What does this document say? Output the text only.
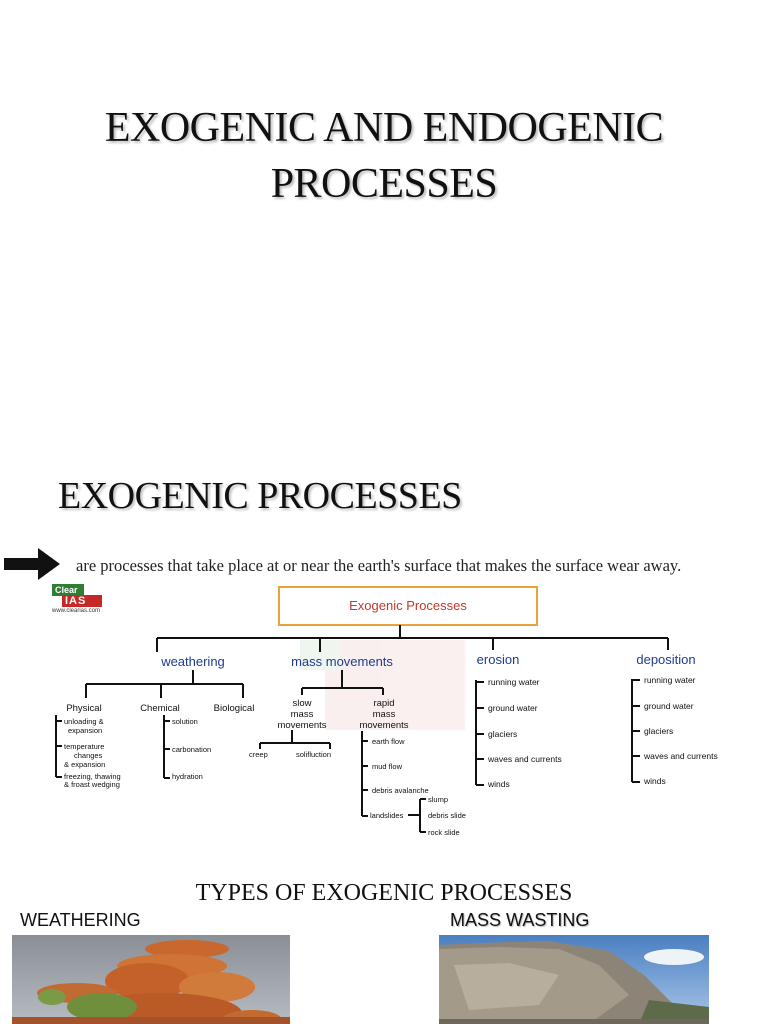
EXOGENIC AND ENDOGENIC
PROCESSES
EXOGENIC PROCESSES
are processes that take place at or near the earth's surface that makes the surface wear away.
Clear
IAS
www.clearias.com	Exogenic Processes
weathering	mass movements	erosion	deposition
Physical	Chemical	Biological
unloading &
expansion
temperature
changes
& expansion
freezing, thawing
& froast wedging
solution
carbonation
hydration
slow
mass
movements
rapid
mass
movements
creep	solifluction
earth flow
mud flow
debris avalanche
landslides
slump
debris slide
rock slide
running water
ground water
glaciers
waves and currents
winds
running water
ground water
glaciers
waves and currents
winds
TYPES OF EXOGENIC PROCESSES
WEATHERING	MASS WASTING
